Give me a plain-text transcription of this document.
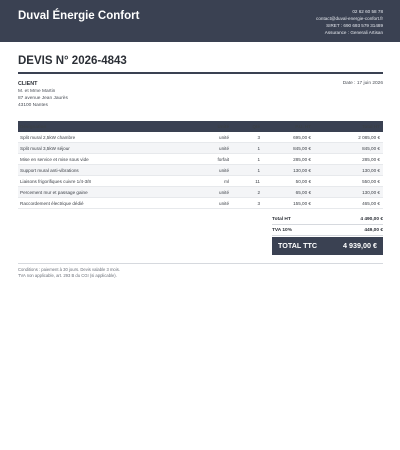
Duval Énergie Confort	02 62 60 58 78
contact@duval-energie-confort.fr
SIRET : 690 693 579 31489
Assurance : Generali Artisan
DEVIS N° 2026-4843
CLIENT
M. et Mme Martin
87 avenue Jean Jaurès
43100 Nantes
Date : 17 juin 2026
Désignation	Unité	Qté	P.U. HT	Total HT
Split mural 2,5kW chambre	unité	3	695,00 €	2 085,00 €
Split mural 3,5kW séjour	unité	1	845,00 €	845,00 €
Mise en service et mise sous vide	forfait	1	285,00 €	285,00 €
Support mural anti-vibrations	unité	1	130,00 €	130,00 €
Liaisons frigorifiques cuivre 1/4-3/8	ml	11	50,00 €	550,00 €
Percement mur et passage gaine	unité	2	65,00 €	130,00 €
Raccordement électrique dédié	unité	3	155,00 €	465,00 €
Total HT	4 490,00 €
TVA 10%	449,00 €
TOTAL TTC	4 939,00 €
Conditions : paiement à 30 jours. Devis valable 3 mois.
TVA non applicable, art. 293 B du CGI (si applicable).
